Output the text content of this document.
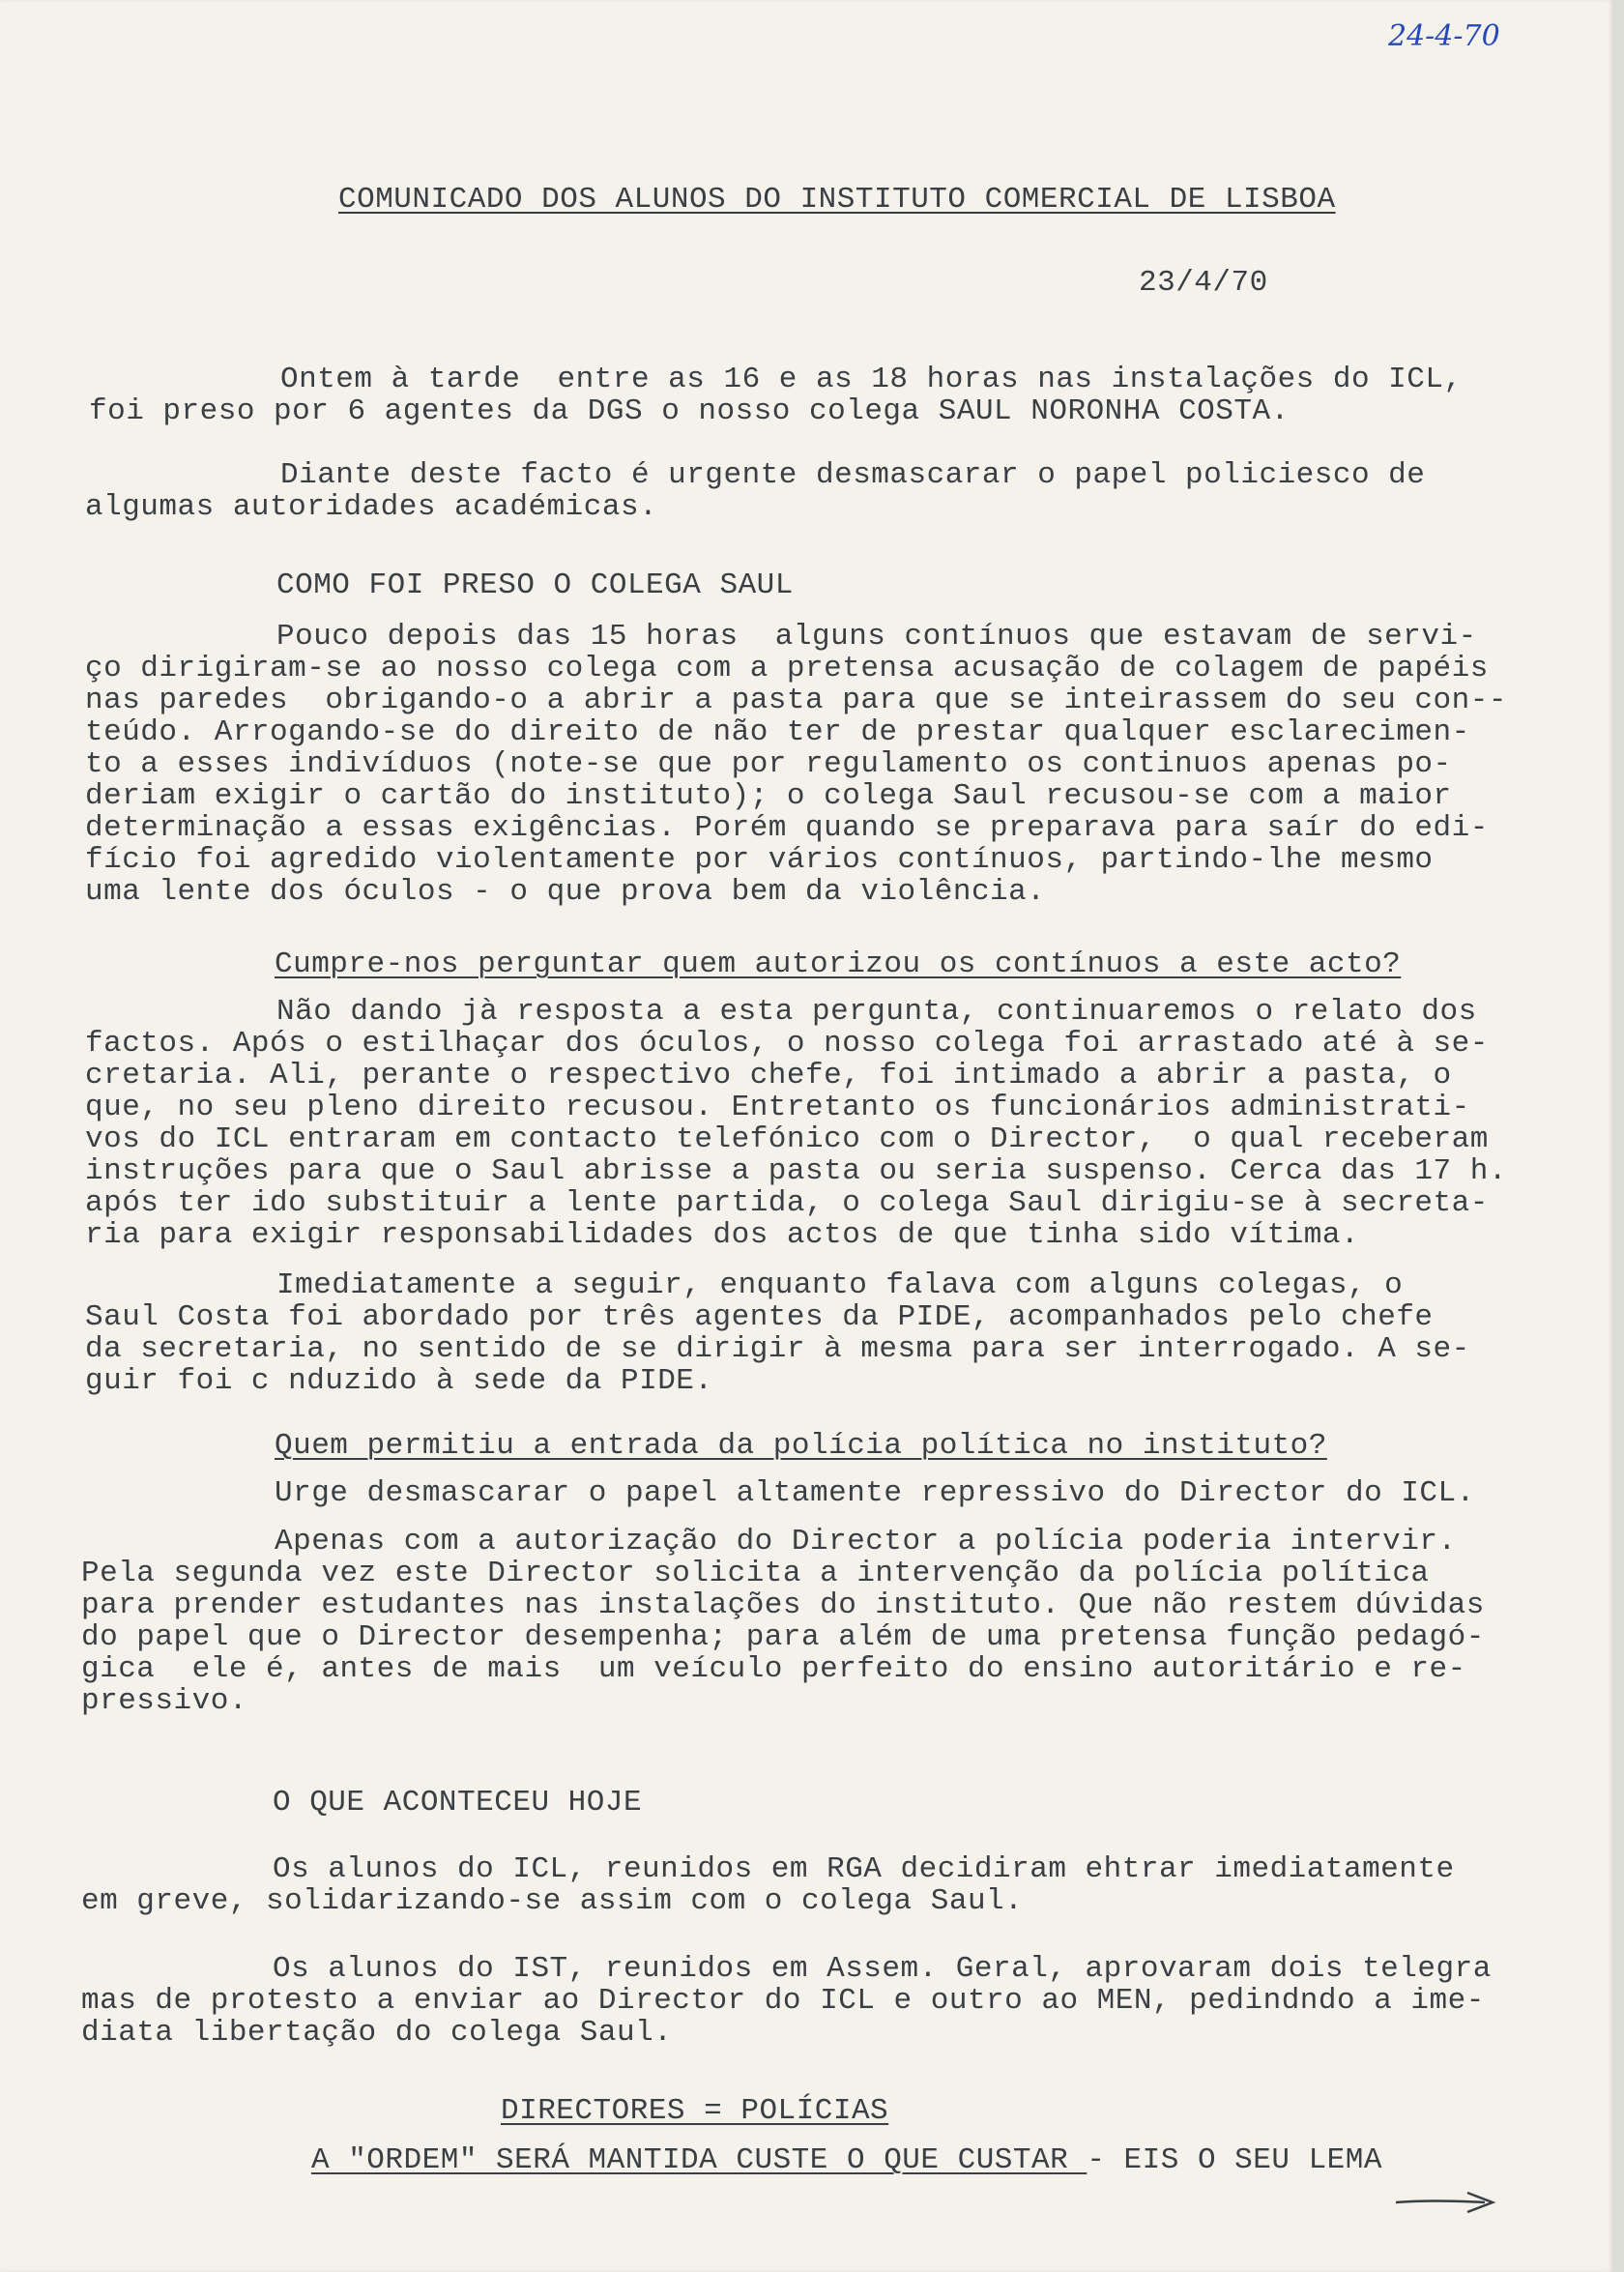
24-4-70
COMUNICADO DOS ALUNOS DO INSTITUTO COMERCIAL DE LISBOA
23/4/70
Ontem à tarde  entre as 16 e as 18 horas nas instalações do ICL,
foi preso por 6 agentes da DGS o nosso colega SAUL NORONHA COSTA.
Diante deste facto é urgente desmascarar o papel policiesco de
algumas autoridades académicas.
COMO FOI PRESO O COLEGA SAUL
Pouco depois das 15 horas  alguns contínuos que estavam de servi-
ço dirigiram-se ao nosso colega com a pretensa acusação de colagem de papéis
nas paredes  obrigando-o a abrir a pasta para que se inteirassem do seu con--
teúdo. Arrogando-se do direito de não ter de prestar qualquer esclarecimen-
to a esses indivíduos (note-se que por regulamento os continuos apenas po-
deriam exigir o cartão do instituto); o colega Saul recusou-se com a maior
determinação a essas exigências. Porém quando se preparava para saír do edi-
fício foi agredido violentamente por vários contínuos, partindo-lhe mesmo
uma lente dos óculos - o que prova bem da violência.
Cumpre-nos perguntar quem autorizou os contínuos a este acto?
Não dando jà resposta a esta pergunta, continuaremos o relato dos
factos. Após o estilhaçar dos óculos, o nosso colega foi arrastado até à se-
cretaria. Ali, perante o respectivo chefe, foi intimado a abrir a pasta, o
que, no seu pleno direito recusou. Entretanto os funcionários administrati-
vos do ICL entraram em contacto telefónico com o Director,  o qual receberam
instruções para que o Saul abrisse a pasta ou seria suspenso. Cerca das 17 h.
após ter ido substituir a lente partida, o colega Saul dirigiu-se à secreta-
ria para exigir responsabilidades dos actos de que tinha sido vítima.
Imediatamente a seguir, enquanto falava com alguns colegas, o
Saul Costa foi abordado por três agentes da PIDE, acompanhados pelo chefe
da secretaria, no sentido de se dirigir à mesma para ser interrogado. A se-
guir foi c nduzido à sede da PIDE.
Quem permitiu a entrada da polícia política no instituto?
Urge desmascarar o papel altamente repressivo do Director do ICL.
Apenas com a autorização do Director a polícia poderia intervir.
Pela segunda vez este Director solicita a intervenção da polícia política
para prender estudantes nas instalações do instituto. Que não restem dúvidas
do papel que o Director desempenha; para além de uma pretensa função pedagó-
gica  ele é, antes de mais  um veículo perfeito do ensino autoritário e re-
pressivo.
O QUE ACONTECEU HOJE
Os alunos do ICL, reunidos em RGA decidiram ehtrar imediatamente
em greve, solidarizando-se assim com o colega Saul.
Os alunos do IST, reunidos em Assem. Geral, aprovaram dois telegra
mas de protesto a enviar ao Director do ICL e outro ao MEN, pedindndo a ime-
diata libertação do colega Saul.
DIRECTORES = POLÍCIAS
A "ORDEM" SERÁ MANTIDA CUSTE O QUE CUSTAR - EIS O SEU LEMA
